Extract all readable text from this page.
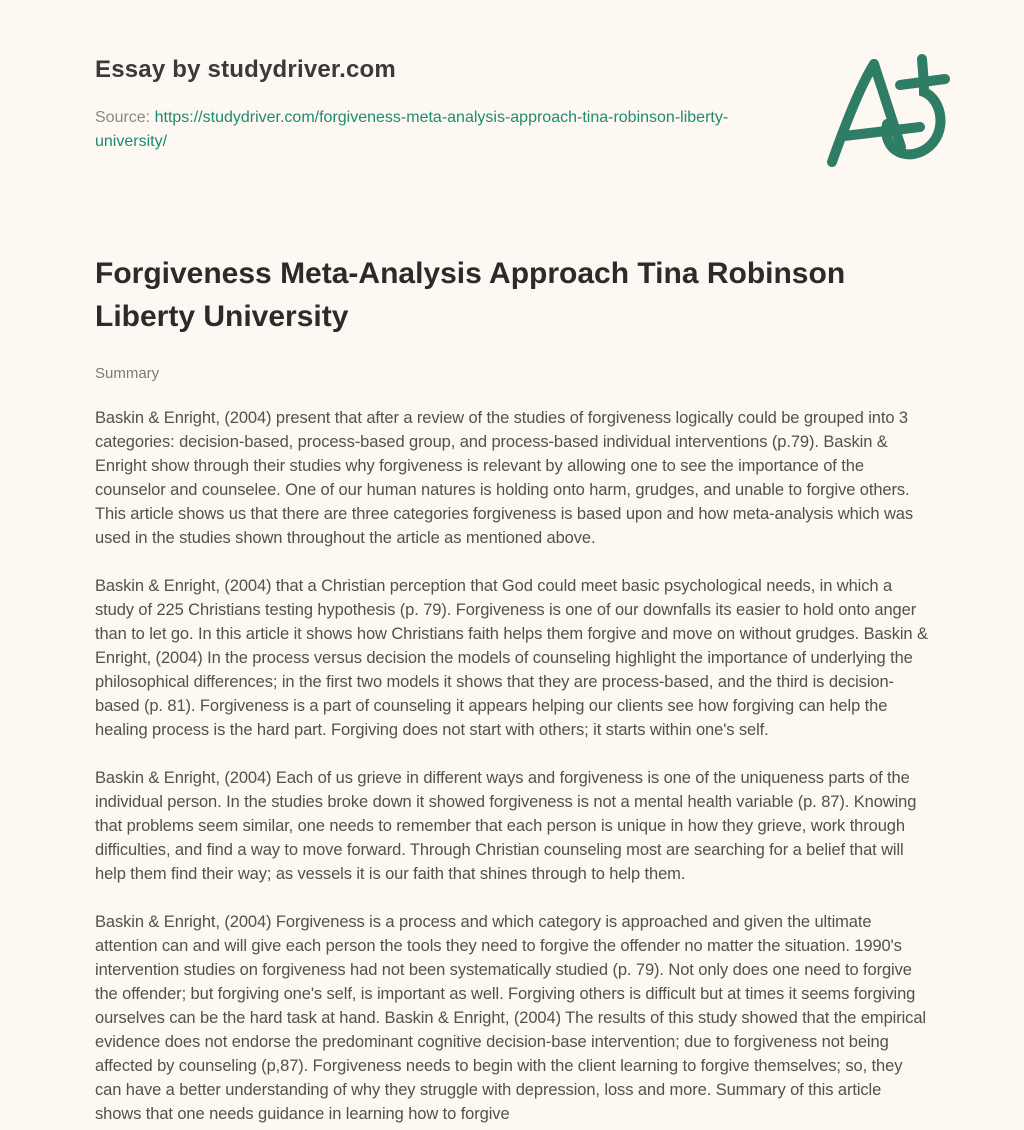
Essay by studydriver.com

Source: https://studydriver.com/forgiveness-meta-analysis-approach-tina-robinson-liberty-university/

Forgiveness Meta-Analysis Approach Tina Robinson Liberty University
Summary

Baskin & Enright, (2004) present that after a review of the studies of forgiveness logically could be grouped into 3 categories: decision-based, process-based group, and process-based individual interventions (p.79). Baskin & Enright show through their studies why forgiveness is relevant by allowing one to see the importance of the counselor and counselee. One of our human natures is holding onto harm, grudges, and unable to forgive others. This article shows us that there are three categories forgiveness is based upon and how meta-analysis which was used in the studies shown throughout the article as mentioned above.

Baskin & Enright, (2004) that a Christian perception that God could meet basic psychological needs, in which a study of 225 Christians testing hypothesis (p. 79). Forgiveness is one of our downfalls its easier to hold onto anger than to let go. In this article it shows how Christians faith helps them forgive and move on without grudges. Baskin & Enright, (2004) In the process versus decision the models of counseling highlight the importance of underlying the philosophical differences; in the first two models it shows that they are process-based, and the third is decision-based (p. 81). Forgiveness is a part of counseling it appears helping our clients see how forgiving can help the healing process is the hard part. Forgiving does not start with others; it starts within one's self.

Baskin & Enright, (2004) Each of us grieve in different ways and forgiveness is one of the uniqueness parts of the individual person. In the studies broke down it showed forgiveness is not a mental health variable (p. 87). Knowing that problems seem similar, one needs to remember that each person is unique in how they grieve, work through difficulties, and find a way to move forward. Through Christian counseling most are searching for a belief that will help them find their way; as vessels it is our faith that shines through to help them.

Baskin & Enright, (2004) Forgiveness is a process and which category is approached and given the ultimate attention can and will give each person the tools they need to forgive the offender no matter the situation. 1990's intervention studies on forgiveness had not been systematically studied (p. 79). Not only does one need to forgive the offender; but forgiving one's self, is important as well. Forgiving others is difficult but at times it seems forgiving ourselves can be the hard task at hand. Baskin & Enright, (2004) The results of this study showed that the empirical evidence does not endorse the predominant cognitive decision-base intervention; due to forgiveness not being affected by counseling (p,87). Forgiveness needs to begin with the client learning to forgive themselves; so, they can have a better understanding of why they struggle with depression, loss and more. Summary of this article shows that one needs guidance in learning how to forgive
